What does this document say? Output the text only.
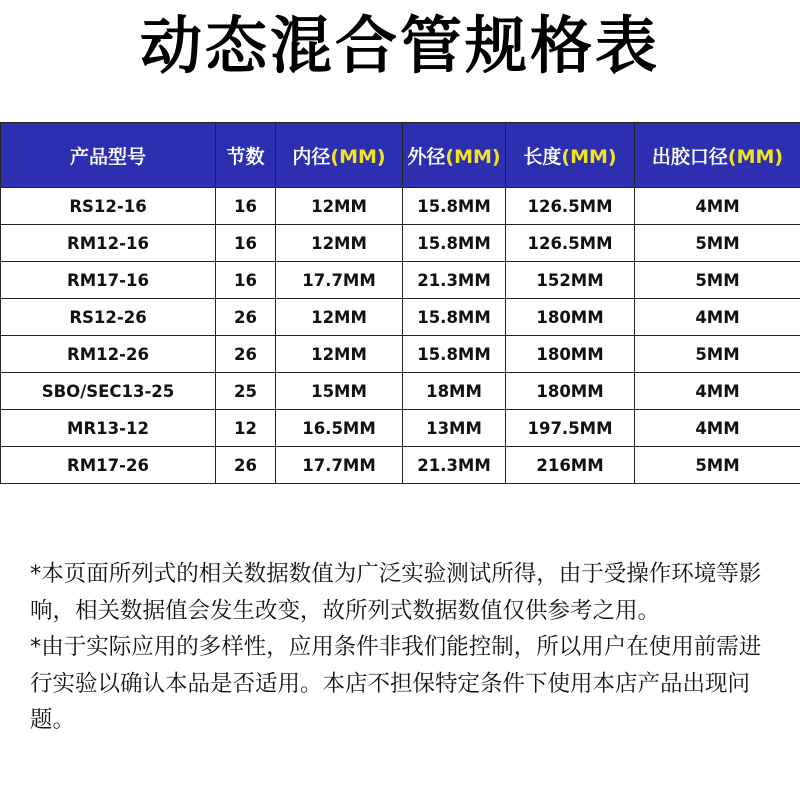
动态混合管规格表
产品型号	节数	内径(MM)	外径(MM)	长度(MM)	出胶口径(MM)
RS12-16	16	12MM	15.8MM	126.5MM	4MM
RM12-16	16	12MM	15.8MM	126.5MM	5MM
RM17-16	16	17.7MM	21.3MM	152MM	5MM
RS12-26	26	12MM	15.8MM	180MM	4MM
RM12-26	26	12MM	15.8MM	180MM	5MM
SBO/SEC13-25	25	15MM	18MM	180MM	4MM
MR13-12	12	16.5MM	13MM	197.5MM	4MM
RM17-26	26	17.7MM	21.3MM	216MM	5MM

*本页面所列式的相关数据数值为广泛实验测试所得，由于受操作环境等影响，相关数据值会发生改变，故所列式数据数值仅供参考之用。

*由于实际应用的多样性，应用条件非我们能控制，所以用户在使用前需进行实验以确认本品是否适用。本店不担保特定条件下使用本店产品出现问题。
